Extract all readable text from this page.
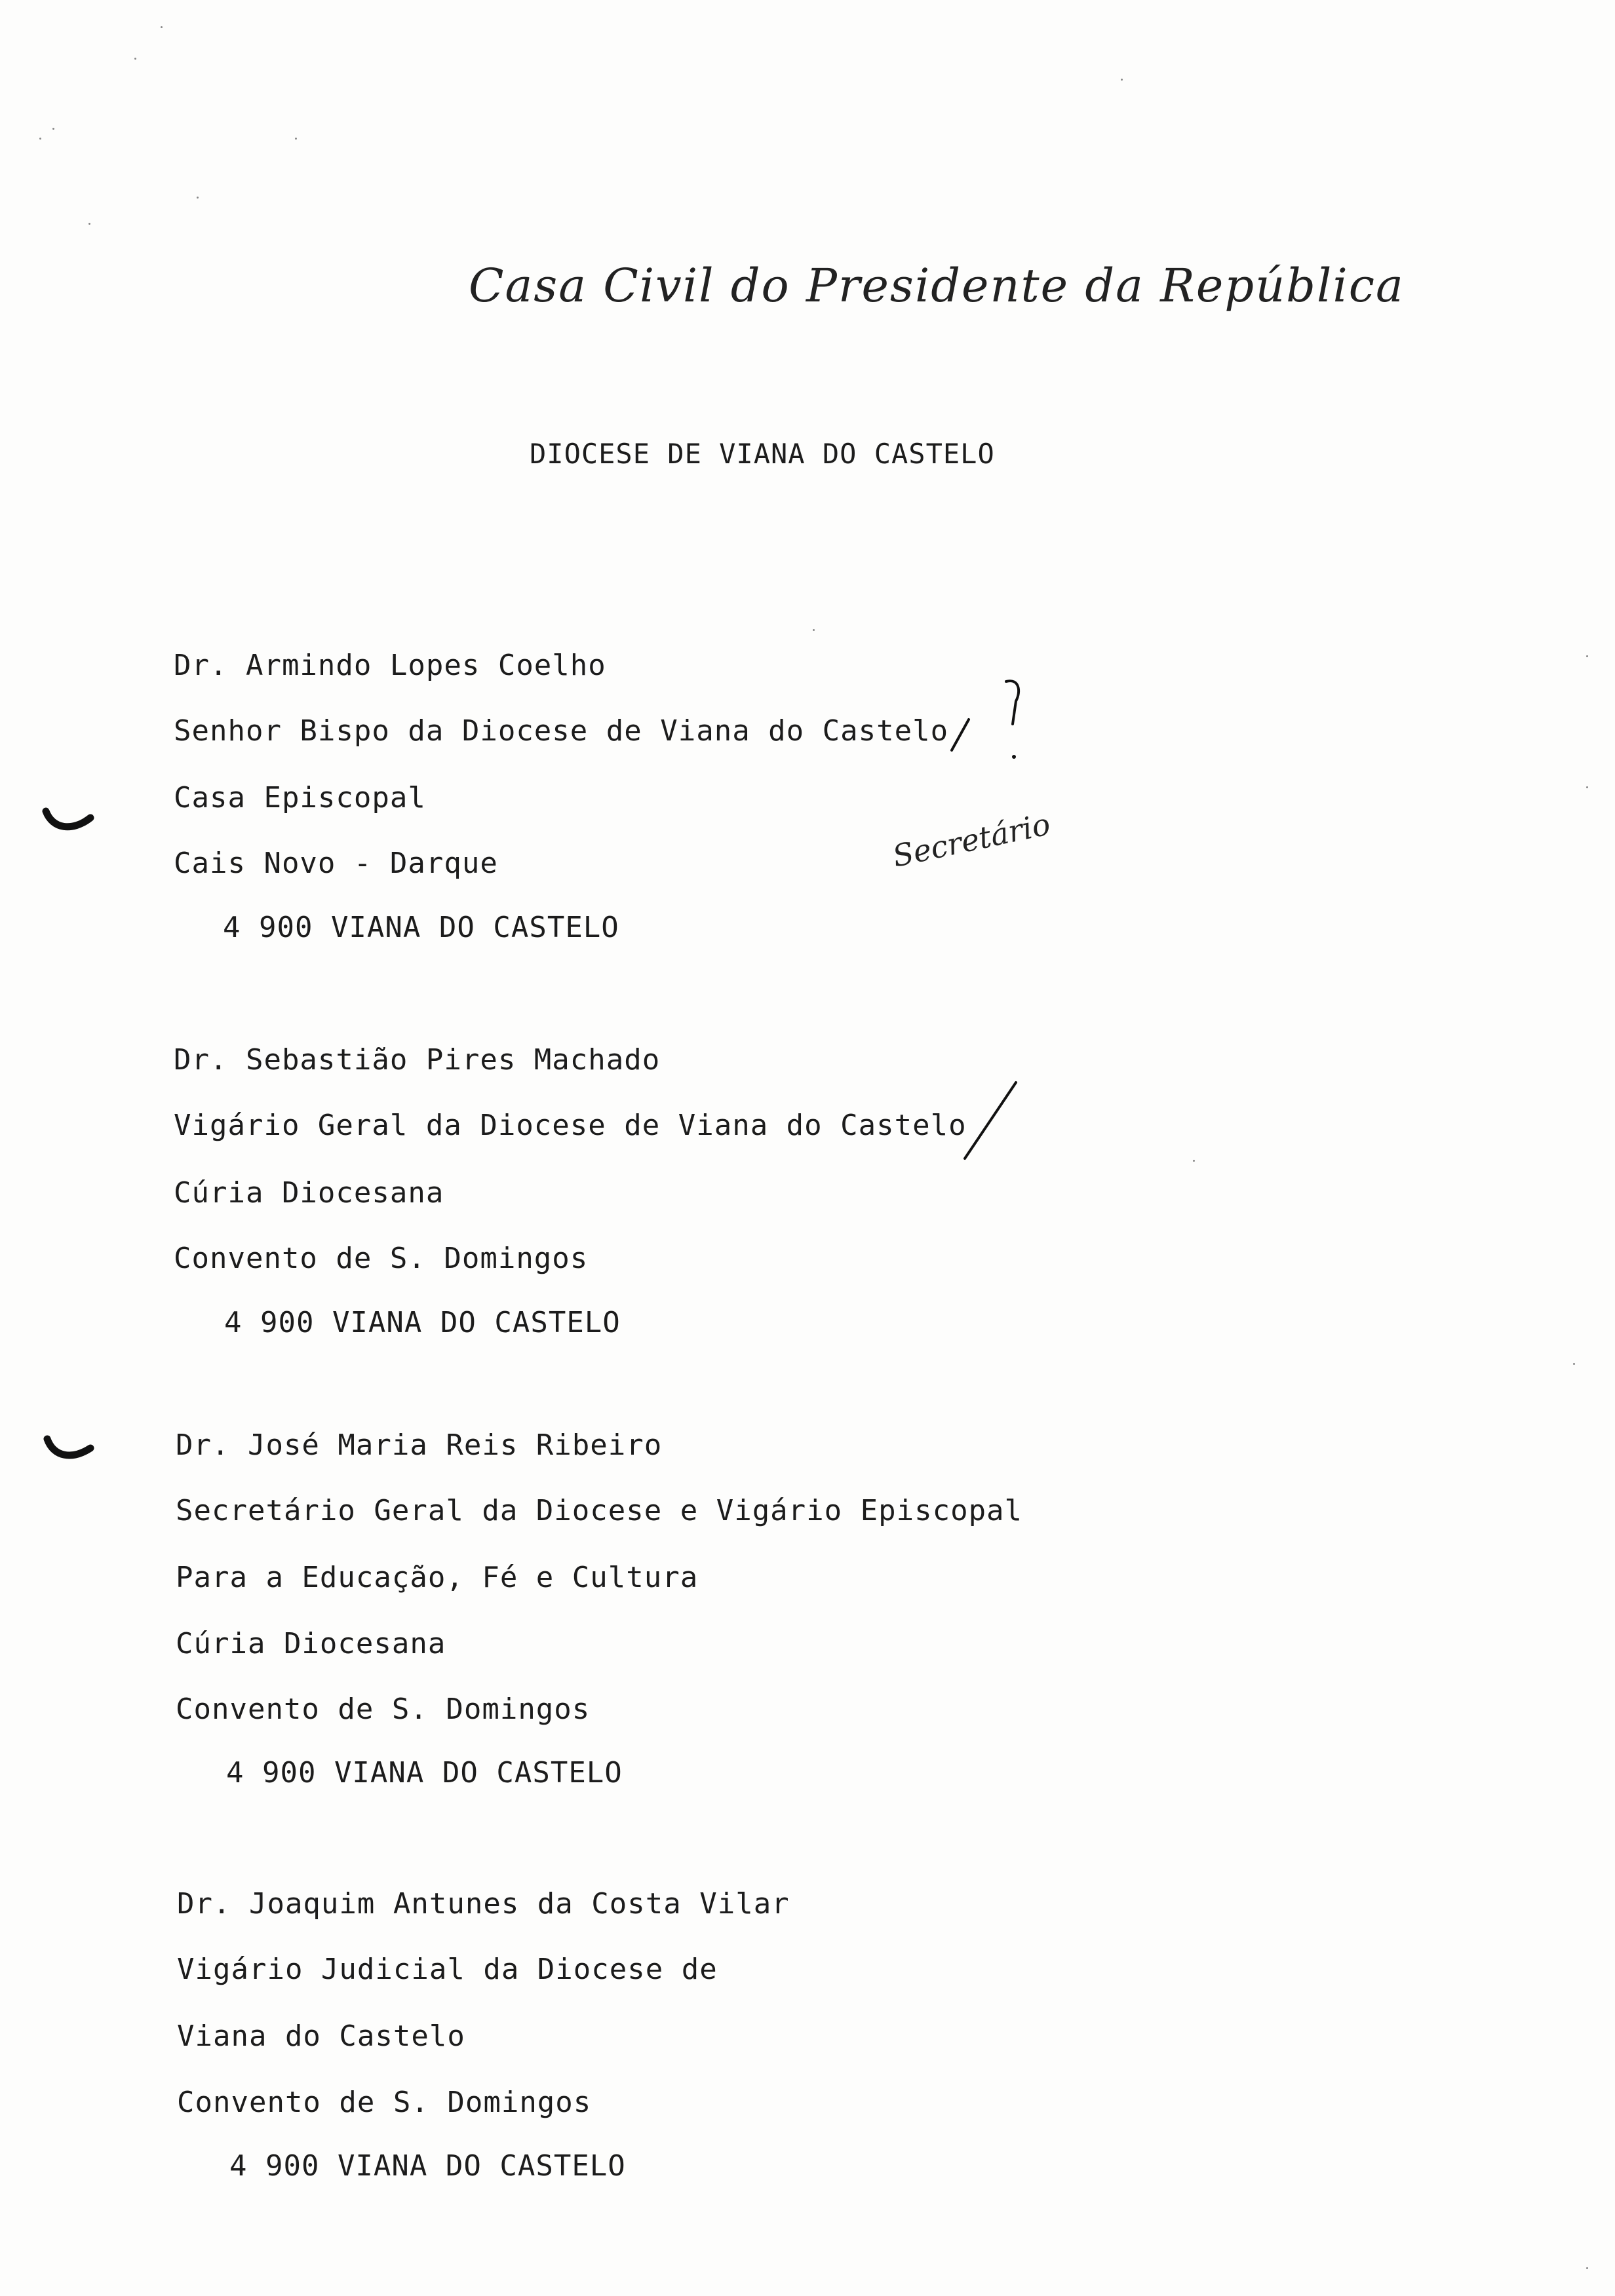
Casa Civil do Presidente da República
DIOCESE DE VIANA DO CASTELO
Dr. Armindo Lopes Coelho
Senhor Bispo da Diocese de Viana do Castelo
Casa Episcopal
Cais Novo - Darque
4 900 VIANA DO CASTELO
Dr. Sebastião Pires Machado
Vigário Geral da Diocese de Viana do Castelo
Cúria Diocesana
Convento de S. Domingos
4 900 VIANA DO CASTELO
Dr. José Maria Reis Ribeiro
Secretário Geral da Diocese e Vigário Episcopal
Para a Educação, Fé e Cultura
Cúria Diocesana
Convento de S. Domingos
4 900 VIANA DO CASTELO
Dr. Joaquim Antunes da Costa Vilar
Vigário Judicial da Diocese de
Viana do Castelo
Convento de S. Domingos
4 900 VIANA DO CASTELO
Secretário
